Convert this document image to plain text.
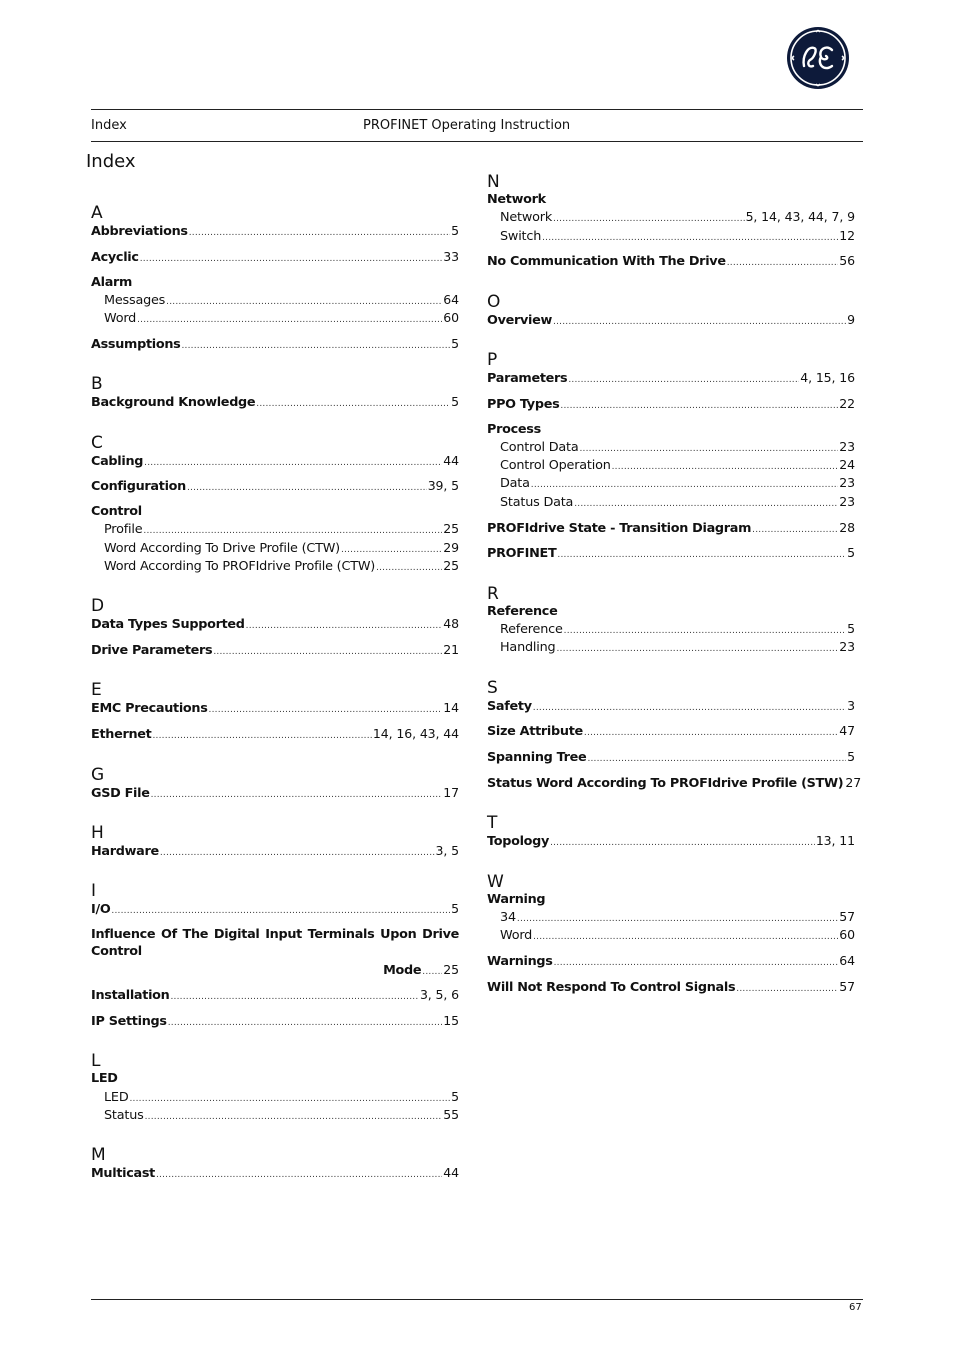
Index	PROFINET Operating Instruction
Index
A
Abbreviations .....	5
Acyclic .....	33
Alarm
Messages .....	64
Word .....	60
Assumptions .....	5
B
Background Knowledge .....	5
C
Cabling .....	44
Configuration .....	39, 5
Control
Profile .....	25
Word According To Drive Profile (CTW) .....	29
Word According To PROFIdrive Profile (CTW) .....	25
D
Data Types Supported .....	48
Drive Parameters .....	21
E
EMC Precautions .....	14
Ethernet .....	14, 16, 43, 44
G
GSD File .....	17
H
Hardware .....	3, 5
I
I/O .....	5
Influence Of The Digital Input Terminals Upon Drive Control
Mode ..... 25
Installation .....	3, 5, 6
IP Settings .....	15
L
LED
LED .....	5
Status .....	55
M
Multicast .....	44
N
Network
Network .....	5, 14, 43, 44, 7, 9
Switch .....	12
No Communication With The Drive .....	56
O
Overview .....	9
P
Parameters .....	4, 15, 16
PPO Types .....	22
Process
Control Data .....	23
Control Operation .....	24
Data .....	23
Status Data .....	23
PROFIdrive State - Transition Diagram .....	28
PROFINET .....	5
R
Reference
Reference .....	5
Handling .....	23
S
Safety .....	3
Size Attribute .....	47
Spanning Tree .....	5
Status Word According To PROFIdrive Profile (STW) 27
T
Topology .....	13, 11
W
Warning
34 .....	57
Word .....	60
Warnings .....	64
Will Not Respond To Control Signals .....	57
67
